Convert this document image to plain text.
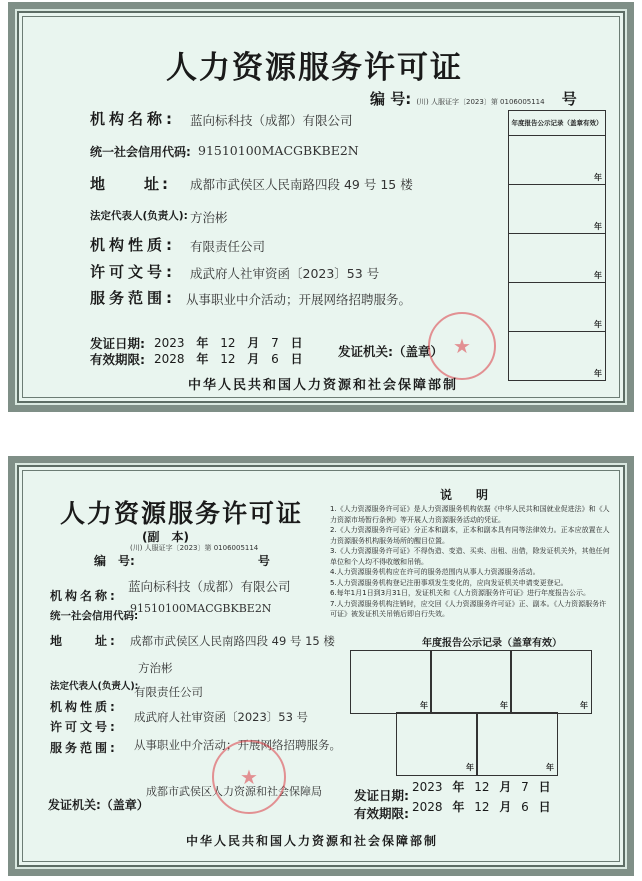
人力资源服务许可证
编 号: (川) 人服证字〔2023〕第 0106005114 号
机构名称: 蓝向标科技（成都）有限公司
统一社会信用代码: 91510100MACGBKBE2N
地　　址: 成都市武侯区人民南路四段 49 号 15 楼
法定代表人(负责人): 方治彬
机构性质: 有限责任公司
许可文号: 成武府人社审资函〔2023〕53 号
服务范围: 从事职业中介活动；开展网络招聘服务。
发证日期: 2023 年 12 月 7 日
有效期限: 2028 年 12 月 6 日	发证机关:（盖章）
★
年度报告公示记录（盖章有效）
年
年
年
年
年
中华人民共和国人力资源和社会保障部制
人力资源服务许可证
(副　本)
(川) 人服证字〔2023〕第 0106005114
编　号:	号
机构名称:
蓝向标科技（成都）有限公司
统一社会信用代码:
91510100MACGBKBE2N
地　　址: 成都市武侯区人民南路四段 49 号 15 楼
法定代表人(负责人):
方治彬
机构性质:
有限责任公司
许可文号:
成武府人社审资函〔2023〕53 号
服务范围: 从事职业中介活动；开展网络招聘服务。
成都市武侯区人力资源和社会保障局
★
发证机关:（盖章）
发证日期:
2023 年 12 月 7 日
有效期限: 2028 年 12 月 6 日
说　　明
1.《人力资源服务许可证》是人力资源服务机构依据《中华人民共和国就业促进法》和《人力资源市场暂行条例》等开展人力资源服务活动的凭证。
2.《人力资源服务许可证》分正本和副本，正本和副本具有同等法律效力。正本应放置在人力资源服务机构服务场所的醒目位置。
3.《人力资源服务许可证》不得伪造、变造、买卖、出租、出借，除发证机关外，其他任何单位和个人均不得收缴和吊销。
4.人力资源服务机构应在许可的服务范围内从事人力资源服务活动。
5.人力资源服务机构登记注册事项发生变化的，应向发证机关申请变更登记。
6.每年1月1日到3月31日，发证机关和《人力资源服务许可证》进行年度报告公示。
7.人力资源服务机构注销时，应交回《人力资源服务许可证》正、副本。《人力资源服务许可证》被发证机关吊销后即自行失效。
年度报告公示记录（盖章有效）
年	年	年
年	年
中华人民共和国人力资源和社会保障部制
